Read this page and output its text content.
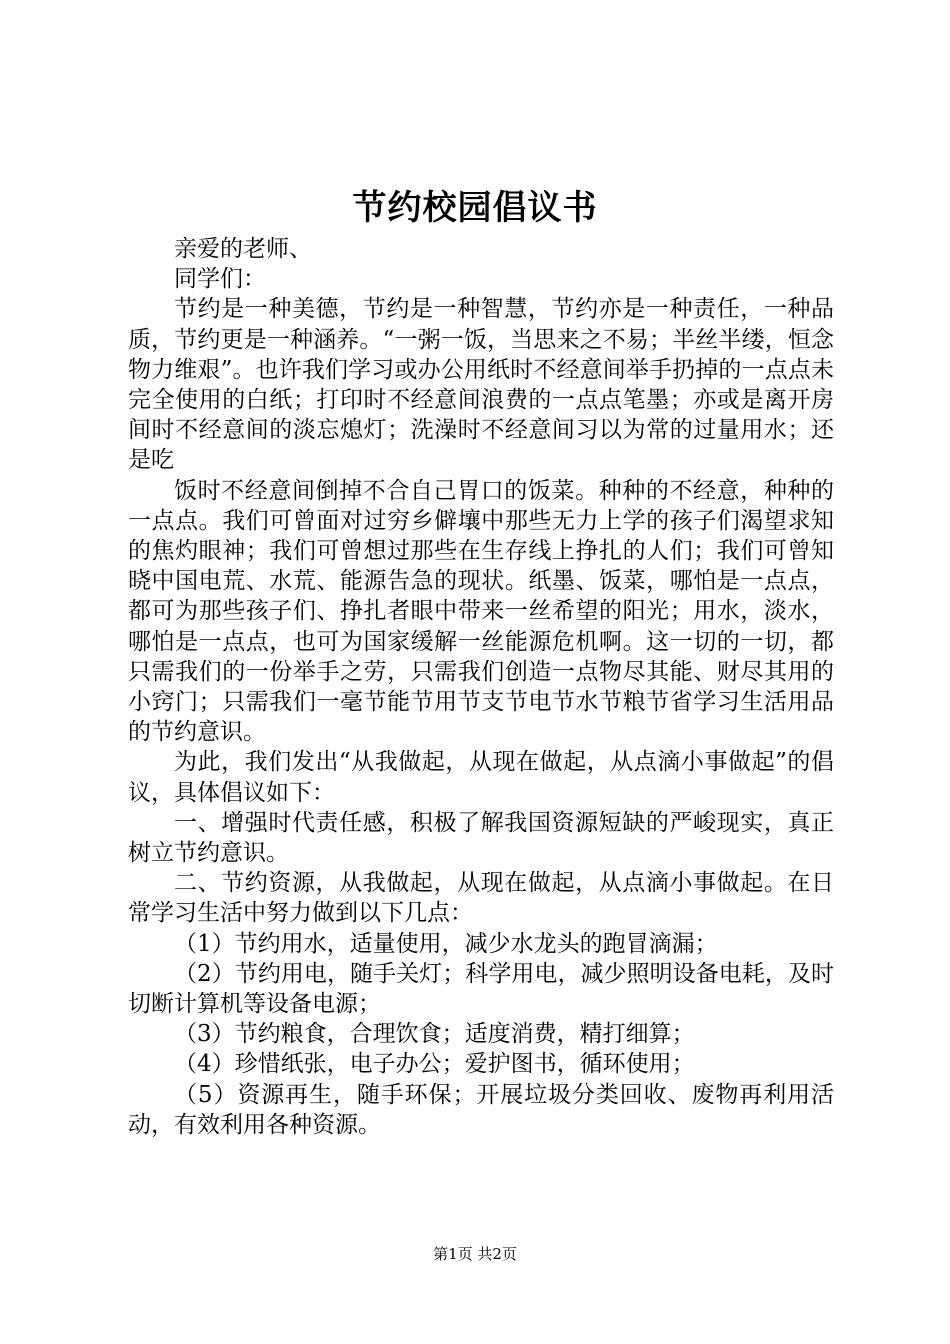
节约校园倡议书

亲爱的老师、

同学们：

节约是一种美德，节约是一种智慧，节约亦是一种责任，一种品质，节约更是一种涵养。“一粥一饭，当思来之不易；半丝半缕，恒念物力维艰”。也许我们学习或办公用纸时不经意间举手扔掉的一点点未完全使用的白纸；打印时不经意间浪费的一点点笔墨；亦或是离开房间时不经意间的淡忘熄灯；洗澡时不经意间习以为常的过量用水；还是吃

饭时不经意间倒掉不合自己胃口的饭菜。种种的不经意，种种的一点点。我们可曾面对过穷乡僻壤中那些无力上学的孩子们渴望求知的焦灼眼神；我们可曾想过那些在生存线上挣扎的人们；我们可曾知晓中国电荒、水荒、能源告急的现状。纸墨、饭菜，哪怕是一点点，都可为那些孩子们、挣扎者眼中带来一丝希望的阳光；用水，淡水，哪怕是一点点，也可为国家缓解一丝能源危机啊。这一切的一切，都只需我们的一份举手之劳，只需我们创造一点物尽其能、财尽其用的小窍门；只需我们一毫节能节用节支节电节水节粮节省学习生活用品的节约意识。

为此，我们发出“从我做起，从现在做起，从点滴小事做起”的倡议，具体倡议如下：

一、增强时代责任感，积极了解我国资源短缺的严峻现实，真正树立节约意识。

二、节约资源，从我做起，从现在做起，从点滴小事做起。在日常学习生活中努力做到以下几点：

（1）节约用水，适量使用，减少水龙头的跑冒滴漏；

（2）节约用电，随手关灯；科学用电，减少照明设备电耗，及时切断计算机等设备电源；

（3）节约粮食，合理饮食；适度消费，精打细算；

（4）珍惜纸张，电子办公；爱护图书，循环使用；

（5）资源再生，随手环保；开展垃圾分类回收、废物再利用活动，有效利用各种资源。

第1页 共2页
